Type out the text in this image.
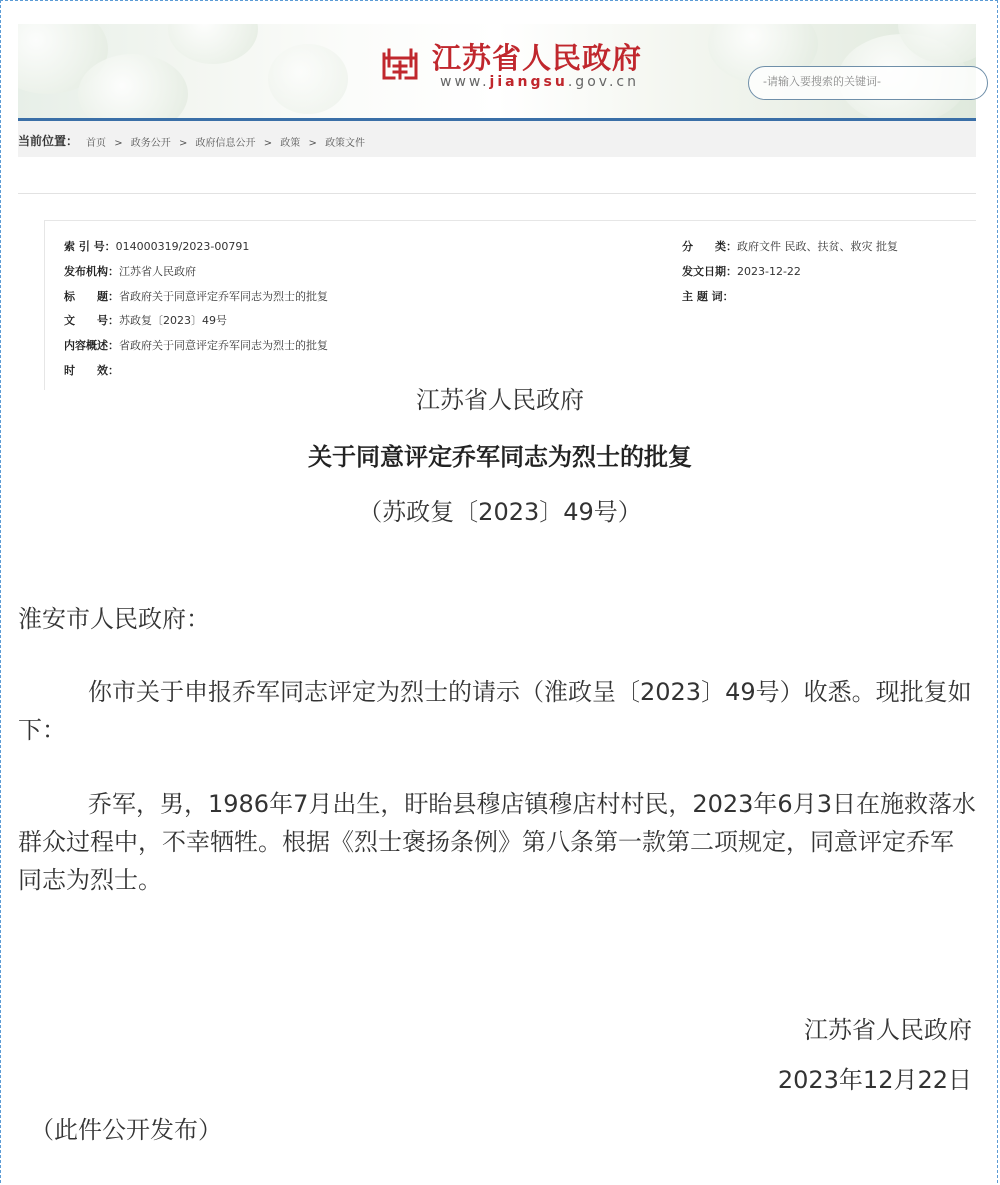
江苏省人民政府
www.jiangsu.gov.cn
-请输入要搜索的关键词-
当前位置： 首页 > 政务公开 > 政府信息公开 > 政策 > 政策文件
索 引 号：014000319/2023-00791
发布机构：江苏省人民政府
标　　题：省政府关于同意评定乔军同志为烈士的批复
文　　号：苏政复〔2023〕49号
内容概述：省政府关于同意评定乔军同志为烈士的批复
时　　效：
分　　类：政府文件 民政、扶贫、救灾 批复
发文日期：2023-12-22
主 题 词：
江苏省人民政府
关于同意评定乔军同志为烈士的批复
（苏政复〔2023〕49号）
淮安市人民政府：
你市关于申报乔军同志评定为烈士的请示（淮政呈〔2023〕49号）收悉。现批复如下：
乔军，男，1986年7月出生，盱眙县穆店镇穆店村村民，2023年6月3日在施救落水群众过程中，不幸牺牲。根据《烈士褒扬条例》第八条第一款第二项规定，同意评定乔军同志为烈士。
江苏省人民政府
2023年12月22日
（此件公开发布）
